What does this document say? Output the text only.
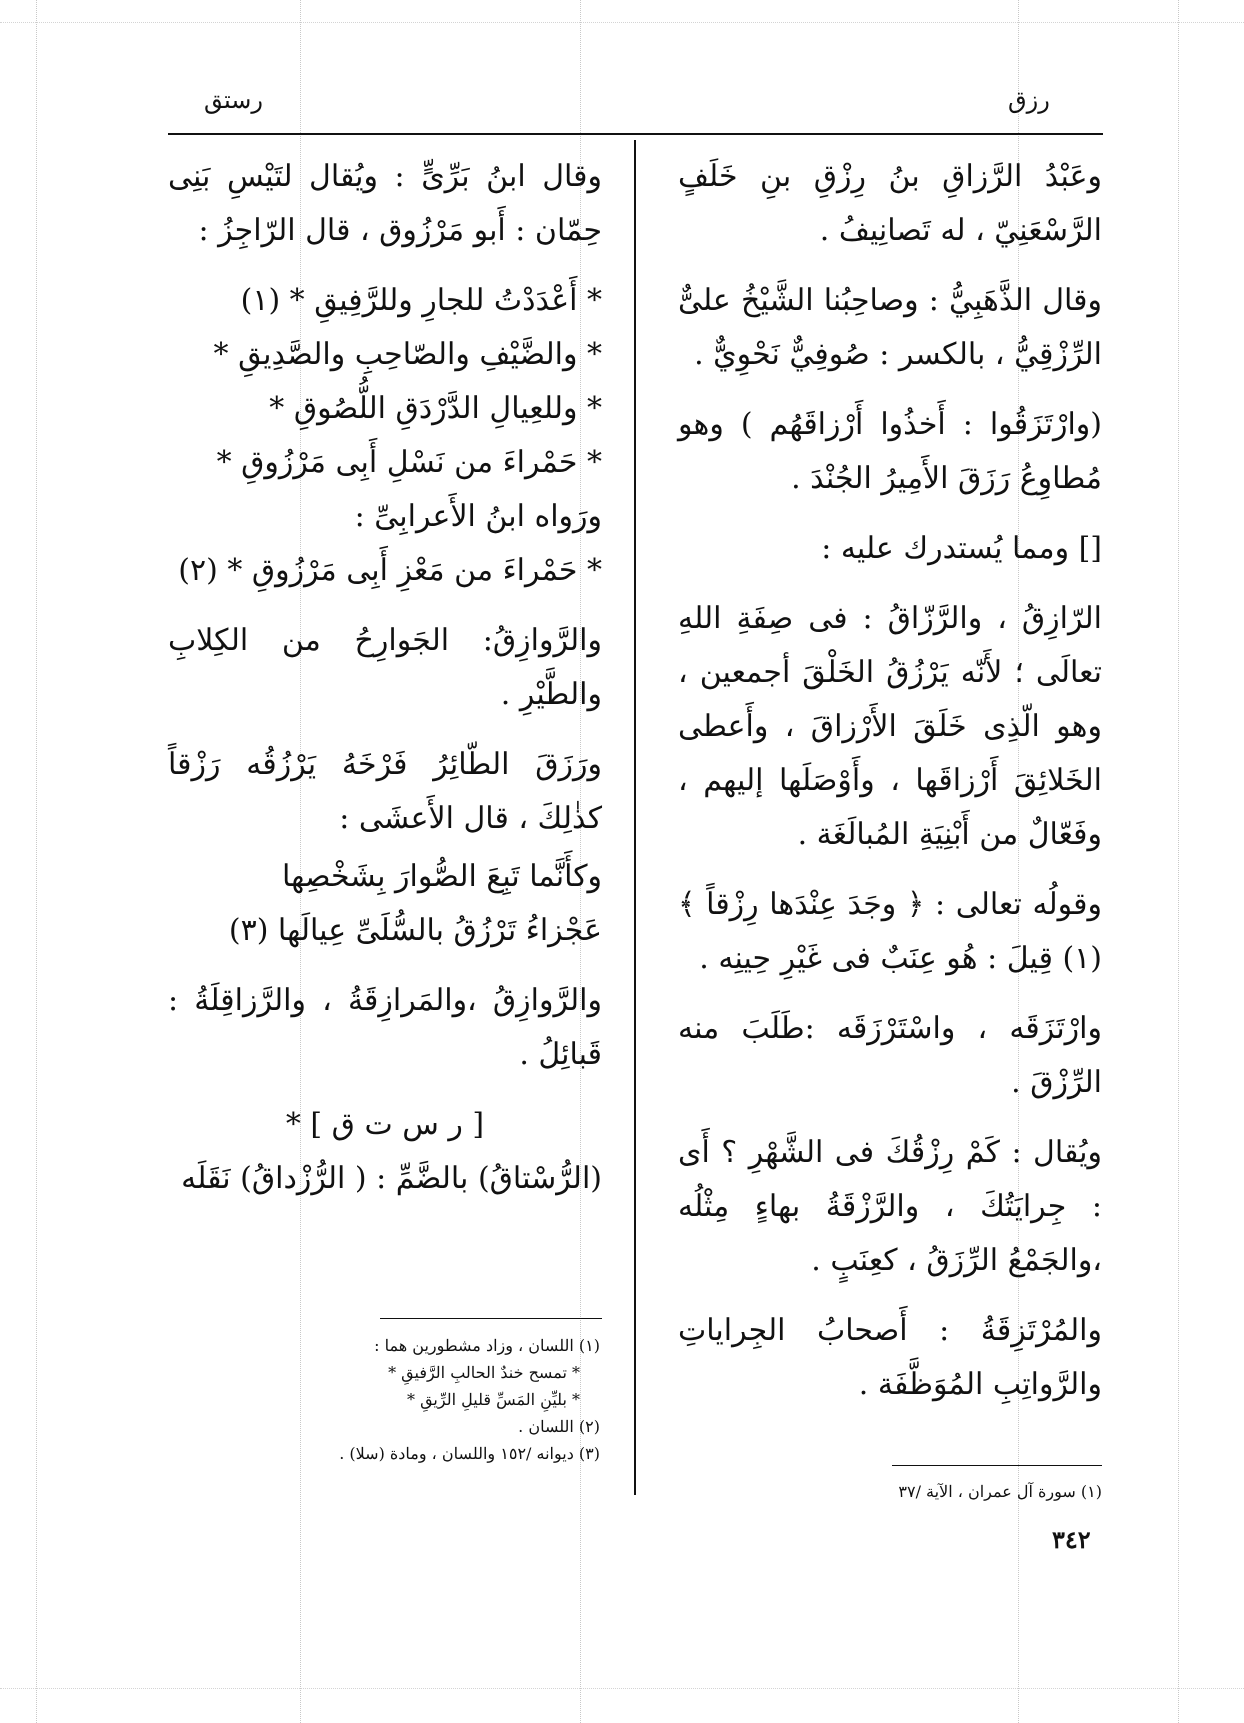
رزق
رستق

وعَبْدُ الرَّزاقِ بنُ رِزْقِ بنِ خَلَفٍ الرَّسْعَنِيّ ، له تَصانِيفُ .

وقال الذَّهَبِيُّ : وصاحِبُنا الشَّيْخُ علىٌّ الرِّزْقِيُّ ، بالكسر : صُوفِيٌّ نَحْوِيٌّ .

(وارْتَزَقُوا : أَخذُوا أَرْزاقَهُم ) وهو مُطاوِعُ رَزَقَ الأَمِيرُ الجُنْدَ .

[] ومما يُستدرك عليه :

الرّازِقُ ، والرَّزّاقُ : فى صِفَةِ اللهِ تعالَى ؛ لأَنّه يَرْزُقُ الخَلْقَ أجمعين ، وهو الّذِى خَلَقَ الأَرْزاقَ ، وأَعطى الخَلائِقَ أَرْزاقَها ، وأَوْصَلَها إليهم ، وفَعّالٌ من أَبْنِيَةِ المُبالَغَة .

وقولُه تعالى : ﴿ وجَدَ عِنْدَها رِزْقاً ﴾ (١) قِيلَ : هُو عِنَبٌ فى غَيْرِ حِينِه .

وارْتَزَقَه ، واسْتَرْزَقَه :طَلَبَ منه الرِّزْقَ .

ويُقال : كَمْ رِزْقُكَ فى الشَّهْرِ ؟ أَى : جِرايَتُكَ ، والرَّزْقَةُ بهاءٍ مِثْلُه ،والجَمْعُ الرِّزَقُ ، كعِنَبٍ .

والمُرْتَزِقَةُ : أَصحابُ الجِراياتِ والرَّواتِبِ المُوَظَّفَة .

وقال ابنُ بَرِّىٍّ : ويُقال لتَيْسِ بَنِى حِمّان : أَبو مَرْزُوق ، قال الرّاجِزُ :

* أَعْدَدْتُ للجارِ وللرَّفِيقِ * (١)

* والضَّيْفِ والصّاحِبِ والصَّدِيقِ *

* وللعِيالِ الدَّرْدَقِ اللُّصُوقِ *

* حَمْراءَ من نَسْلِ أَبِى مَرْزُوقِ *

ورَواه ابنُ الأَعرابِىِّ :

* حَمْراءَ من مَعْزِ أَبِى مَرْزُوقِ * (٢)

والرَّوازِقُ: الجَوارِحُ من الكِلابِ والطَّيْرِ .

ورَزَقَ الطّائِرُ فَرْخَهُ يَرْزُقُه رَزْقاً كذٰلِكَ ، قال الأَعشَى :

وكأَنَّما تَبِعَ الصُّوارَ بِشَخْصِها

عَجْزاءُ تَرْزُقُ بالسُّلَىِّ عِيالَها (٣)

والرَّوازِقُ ،والمَرازِقَةُ ، والرَّزاقِلَةُ : قَبائِلُ .

[ ر س ت ق ] *

(الرُّسْتاقُ) بالضَّمِّ : ( الرُّزْداقُ) نَقَلَه

(١) اللسان ، وزاد مشطورين هما :

* تمسح خندٌ الحالبِ الرَّفيقِ *

* بليِّنِ المَسِّ قليلِ الرِّيقِ *

(٢) اللسان .

(٣) ديوانه /١٥٢ واللسان ، ومادة (سلا) .

(١) سورة آل عمران ، الآية /٣٧

٣٤٢
